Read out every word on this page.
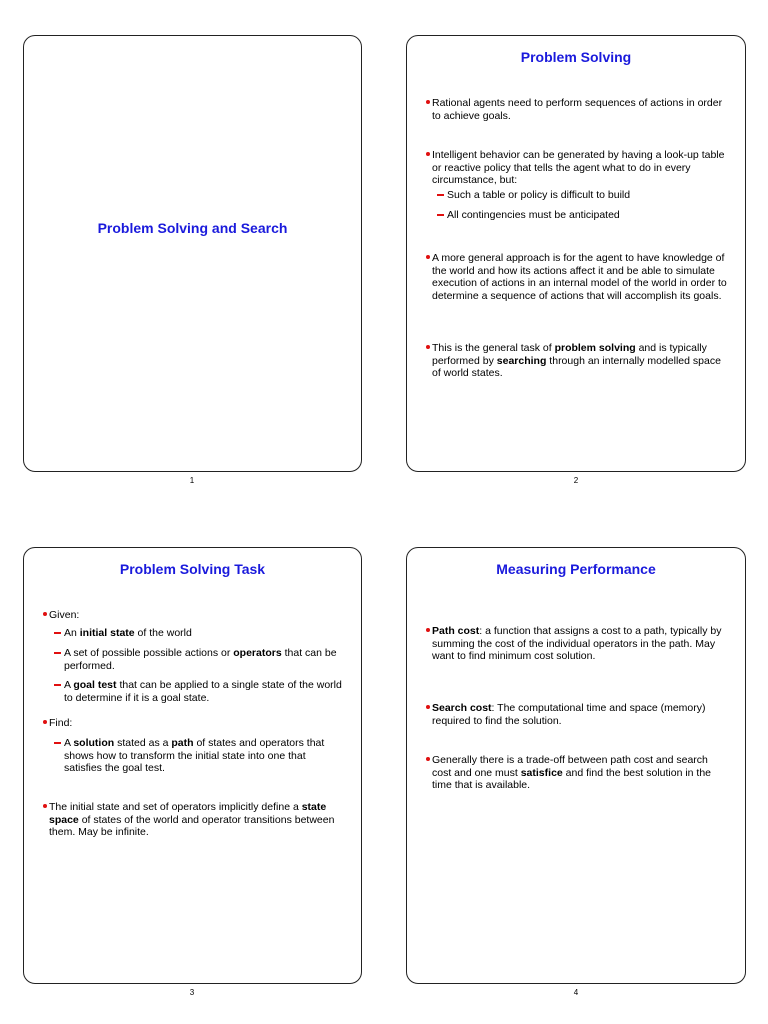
Problem Solving and Search
1
Problem Solving
Rational agents need to perform sequences of actions in order to achieve goals.
Intelligent behavior can be generated by having a look-up table or reactive policy that tells the agent what to do in every circumstance, but:
Such a table or policy is difficult to build
All contingencies must be anticipated
A more general approach is for the agent to have knowledge of the world and how its actions affect it and be able to simulate execution of actions in an internal model of the world in order to determine a sequence of actions that will accomplish its goals.
This is the general task of problem solving and is typically performed by searching through an internally modelled space of world states.
2
Problem Solving Task
Given:
An initial state of the world
A set of possible possible actions or operators that can be performed.
A goal test that can be applied to a single state of the world to determine if it is a goal state.
Find:
A solution stated as a path of states and operators that shows how to transform the initial state into one that satisfies the goal test.
The initial state and set of operators implicitly define a state space of states of the world and operator transitions between them. May be infinite.
3
Measuring Performance
Path cost: a function that assigns a cost to a path, typically by summing the cost of the individual operators in the path. May want to find minimum cost solution.
Search cost: The computational time and space (memory) required to find the solution.
Generally there is a trade-off between path cost and search cost and one must satisfice and find the best solution in the time that is available.
4
